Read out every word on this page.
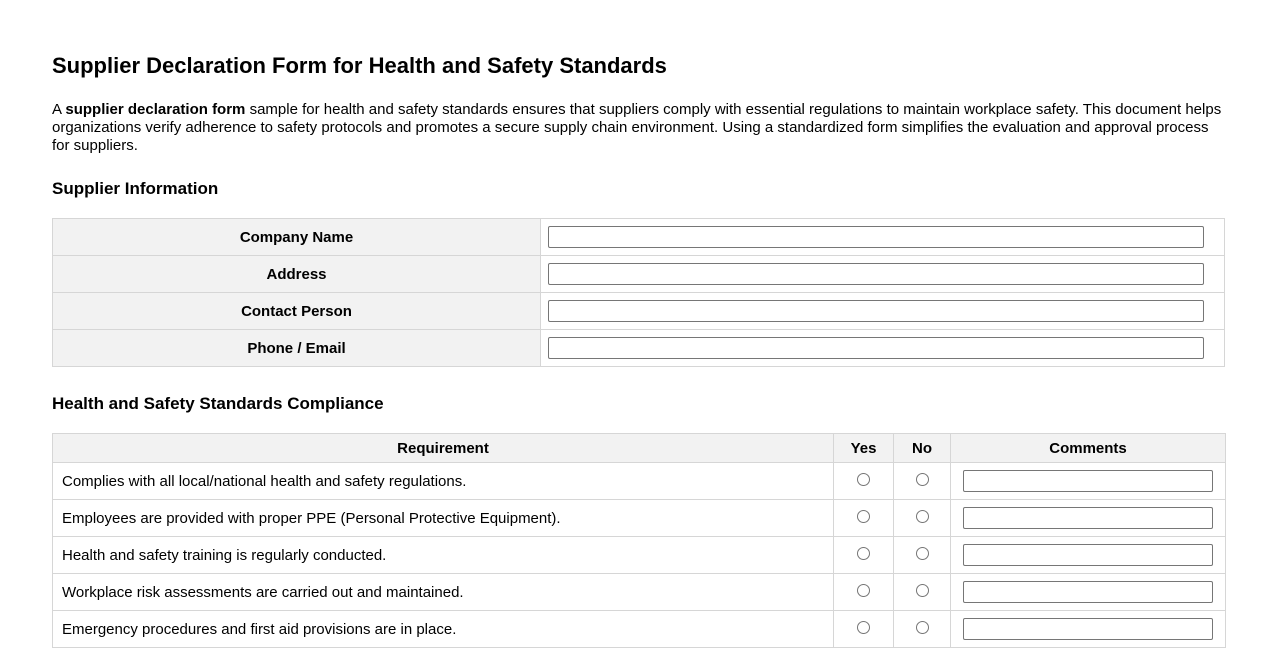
Supplier Declaration Form for Health and Safety Standards

A supplier declaration form sample for health and safety standards ensures that suppliers comply with essential regulations to maintain workplace safety. This document helps organizations verify adherence to safety protocols and promotes a secure supply chain environment. Using a standardized form simplifies the evaluation and approval process for suppliers.

Supplier Information
Company Name	

Address	

Contact Person	

Phone / Email	
Health and Safety Standards Compliance
Requirement	Yes	No	Comments
Complies with all local/national health and safety regulations.			
Employees are provided with proper PPE (Personal Protective Equipment).			
Health and safety training is regularly conducted.			
Workplace risk assessments are carried out and maintained.			
Emergency procedures and first aid provisions are in place.			
